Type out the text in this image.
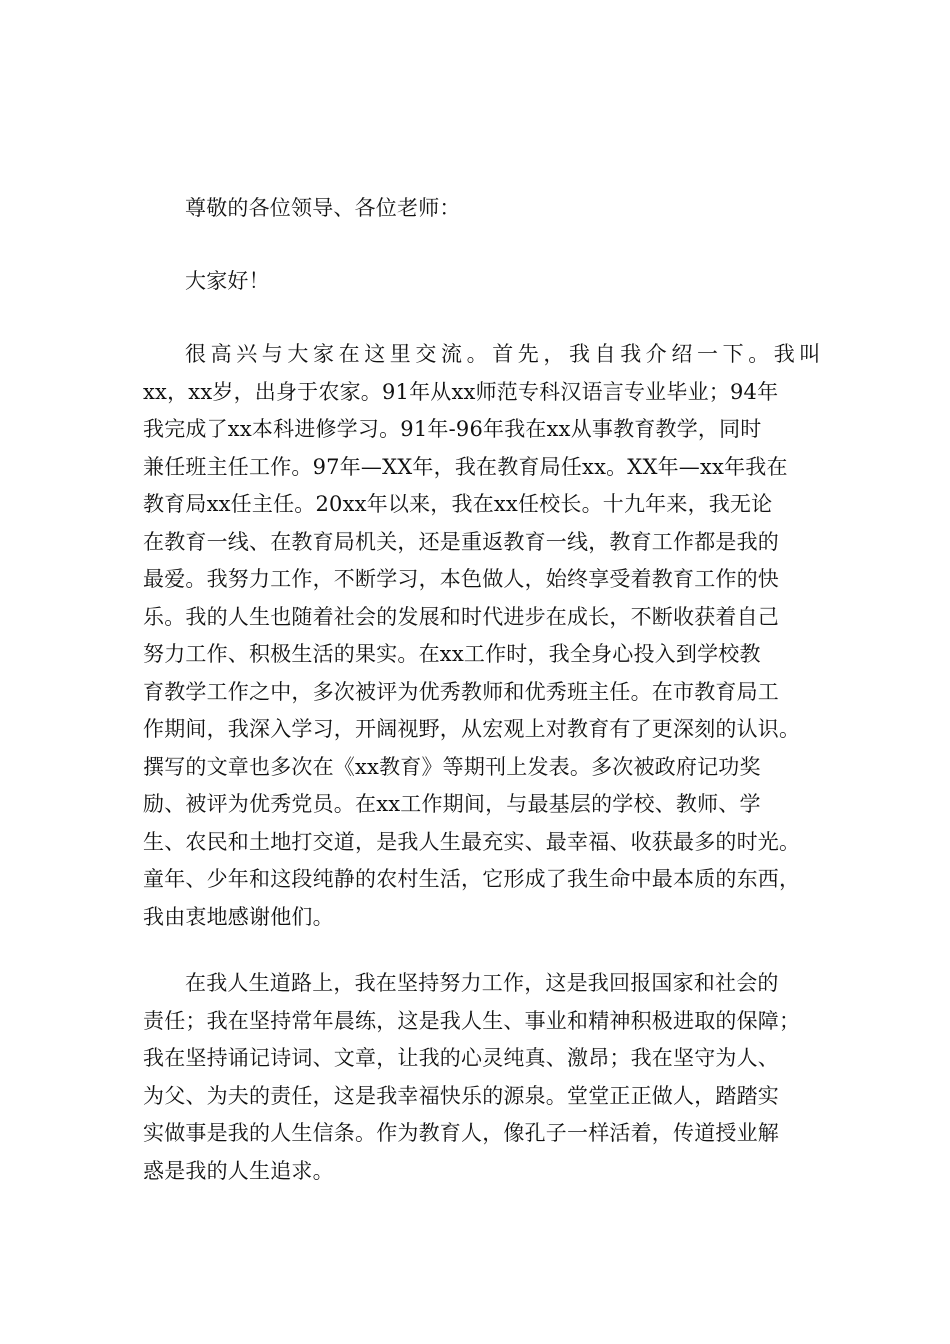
尊敬的各位领导、各位老师：

大家好！

很高兴与大家在这里交流。首先，我自我介绍一下。我叫
xx，xx岁，出身于农家。91年从xx师范专科汉语言专业毕业；94年
我完成了xx本科进修学习。91年-96年我在xx从事教育教学，同时
兼任班主任工作。97年—XX年，我在教育局任xx。XX年—xx年我在
教育局xx任主任。20xx年以来，我在xx任校长。十九年来，我无论
在教育一线、在教育局机关，还是重返教育一线，教育工作都是我的
最爱。我努力工作，不断学习，本色做人，始终享受着教育工作的快
乐。我的人生也随着社会的发展和时代进步在成长，不断收获着自己
努力工作、积极生活的果实。在xx工作时，我全身心投入到学校教
育教学工作之中，多次被评为优秀教师和优秀班主任。在市教育局工
作期间，我深入学习，开阔视野，从宏观上对教育有了更深刻的认识。
撰写的文章也多次在《xx教育》等期刊上发表。多次被政府记功奖
励、被评为优秀党员。在xx工作期间，与最基层的学校、教师、学
生、农民和土地打交道，是我人生最充实、最幸福、收获最多的时光。
童年、少年和这段纯静的农村生活，它形成了我生命中最本质的东西，
我由衷地感谢他们。

在我人生道路上，我在坚持努力工作，这是我回报国家和社会的
责任；我在坚持常年晨练，这是我人生、事业和精神积极进取的保障；
我在坚持诵记诗词、文章，让我的心灵纯真、激昂；我在坚守为人、
为父、为夫的责任，这是我幸福快乐的源泉。堂堂正正做人，踏踏实
实做事是我的人生信条。作为教育人，像孔子一样活着，传道授业解
惑是我的人生追求。
